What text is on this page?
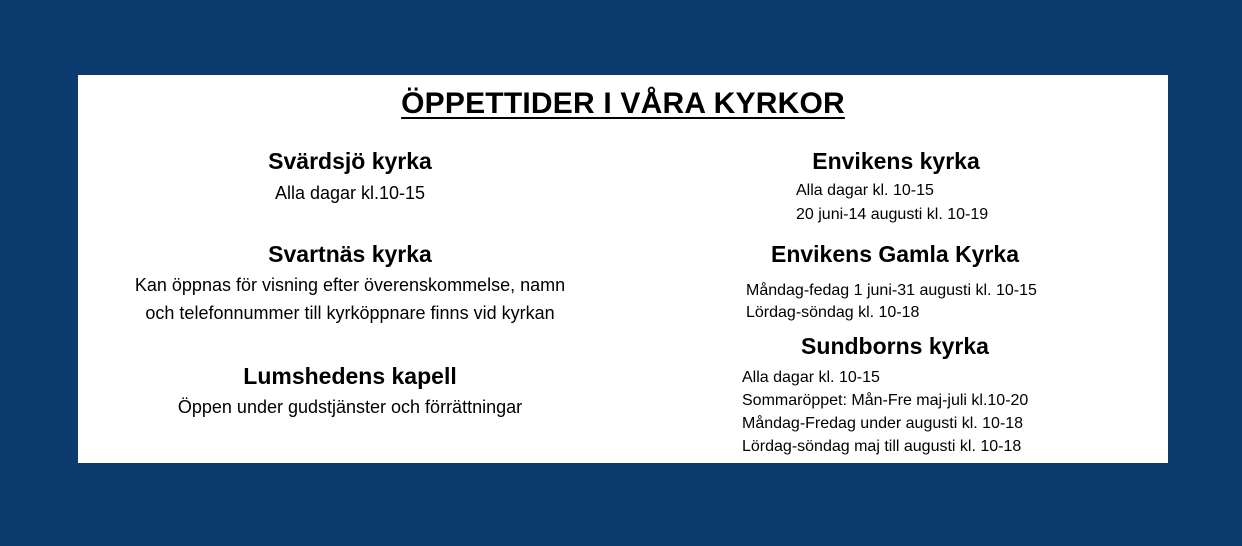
ÖPPETTIDER I VÅRA KYRKOR
Svärdsjö kyrka
Alla dagar kl.10-15
Svartnäs kyrka
Kan öppnas för visning efter överenskommelse, namn
och telefonnummer till kyrköppnare finns vid kyrkan
Lumshedens kapell
Öppen under gudstjänster och förrättningar
Envikens kyrka
Alla dagar kl. 10-15
20 juni-14 augusti kl. 10-19
Envikens Gamla Kyrka
Måndag-fedag 1 juni-31 augusti kl. 10-15
Lördag-söndag kl. 10-18
Sundborns kyrka
Alla dagar kl. 10-15
Sommaröppet: Mån-Fre maj-juli kl.10-20
Måndag-Fredag under augusti kl. 10-18
Lördag-söndag maj till augusti kl. 10-18
